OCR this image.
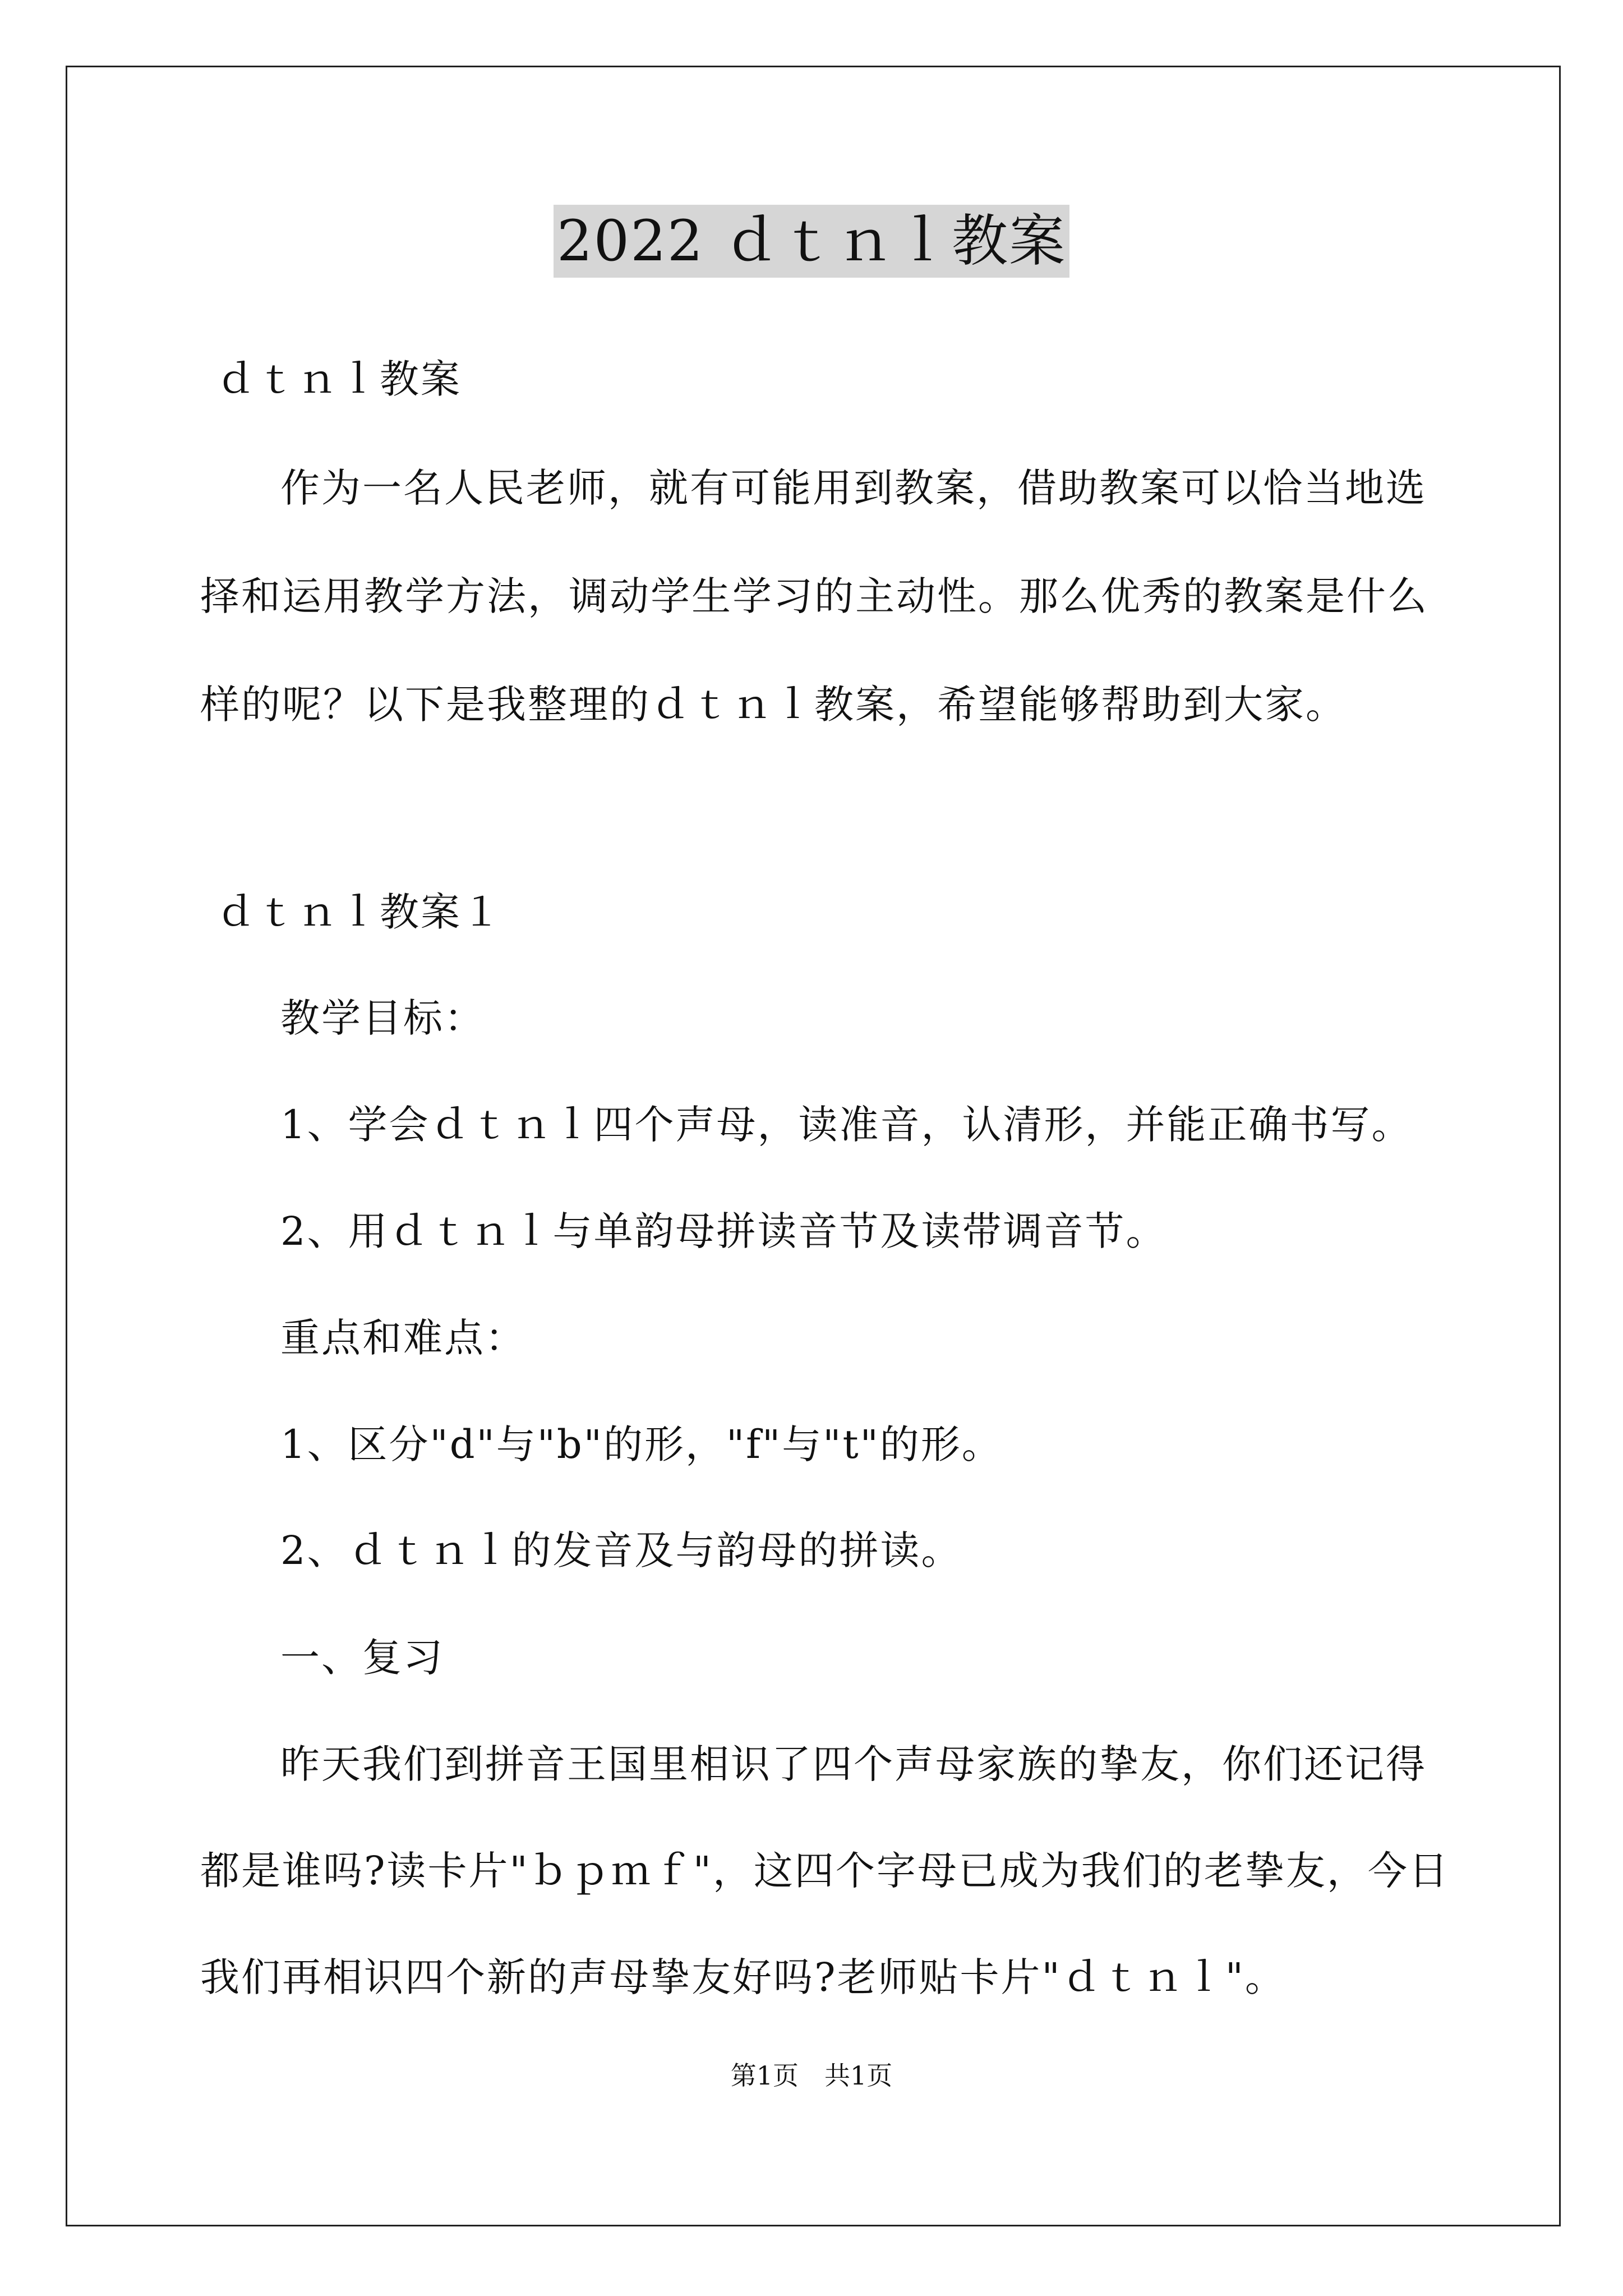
2022 ｄｔｎｌ教案
ｄｔｎｌ教案
作为一名人民老师，就有可能用到教案，借助教案可以恰当地选
择和运用教学方法，调动学生学习的主动性。那么优秀的教案是什么
样的呢？以下是我整理的ｄｔｎｌ教案，希望能够帮助到大家。
ｄｔｎｌ教案１
教学目标：
1、学会ｄｔｎｌ四个声母，读准音，认清形，并能正确书写。
2、用ｄｔｎｌ与单韵母拼读音节及读带调音节。
重点和难点：
1、区分"d"与"b"的形，"f"与"t"的形。
2、ｄｔｎｌ的发音及与韵母的拼读。
一、复习
昨天我们到拼音王国里相识了四个声母家族的挚友，你们还记得
都是谁吗?读卡片"ｂｐｍｆ"，这四个字母已成为我们的老挚友，今日
我们再相识四个新的声母挚友好吗?老师贴卡片"ｄｔｎｌ"。
第1页　共1页
